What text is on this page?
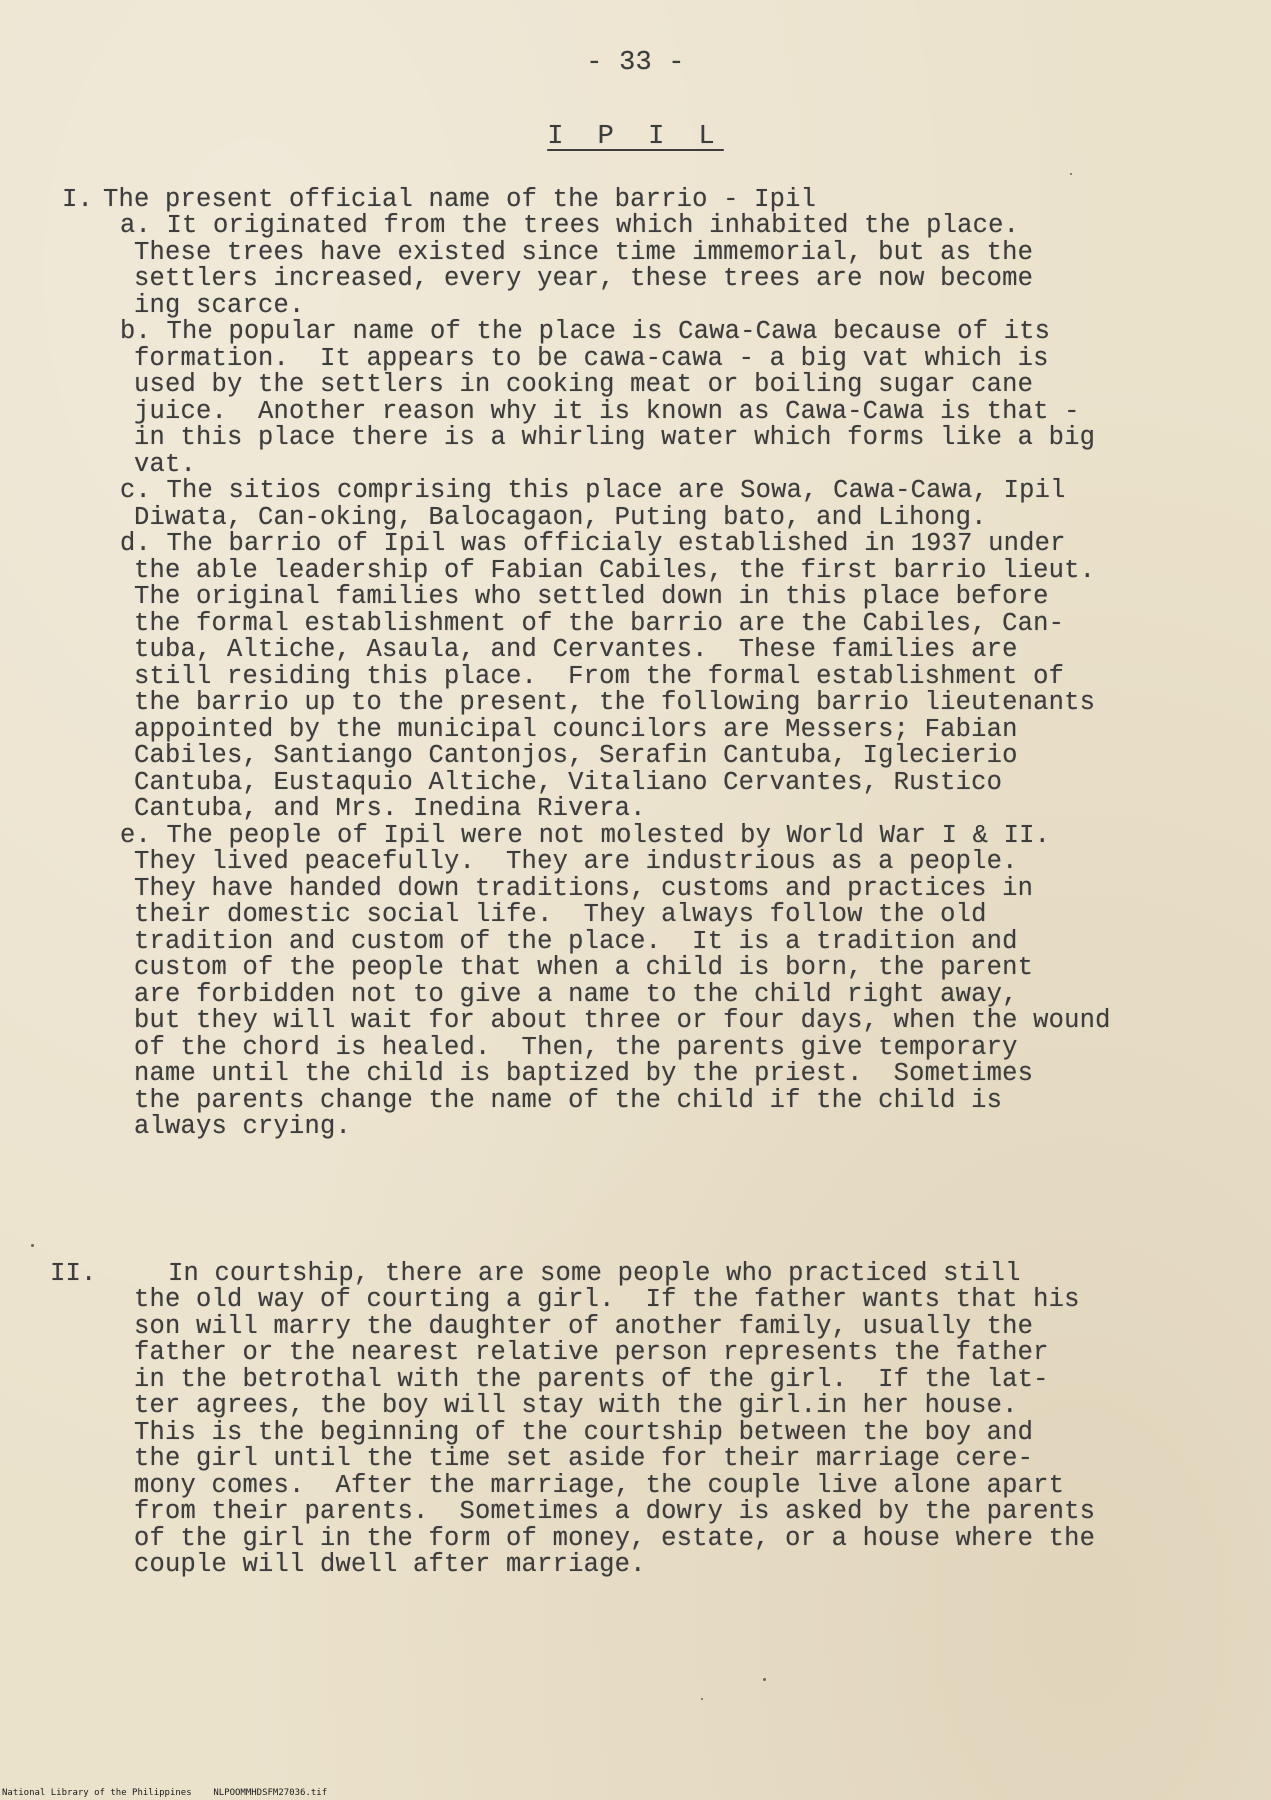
- 33 -
I P I L
I. The present official name of the barrio - Ipil
a. It originated from the trees which inhabited the place.
These trees have existed since time immemorial, but as the
settlers increased, every year, these trees are now become
ing scarce.
b. The popular name of the place is Cawa-Cawa because of its
formation.  It appears to be cawa-cawa - a big vat which is
used by the settlers in cooking meat or boiling sugar cane
juice.  Another reason why it is known as Cawa-Cawa is that -
in this place there is a whirling water which forms like a big
vat.
c. The sitios comprising this place are Sowa, Cawa-Cawa, Ipil
Diwata, Can-oking, Balocagaon, Puting bato, and Lihong.
d. The barrio of Ipil was officialy established in 1937 under
the able leadership of Fabian Cabiles, the first barrio lieut.
The original families who settled down in this place before
the formal establishment of the barrio are the Cabiles, Can-
tuba, Altiche, Asaula, and Cervantes.  These families are
still residing this place.  From the formal establishment of
the barrio up to the present, the following barrio lieutenants
appointed by the municipal councilors are Messers; Fabian
Cabiles, Santiango Cantonjos, Serafin Cantuba, Iglecierio
Cantuba, Eustaquio Altiche, Vitaliano Cervantes, Rustico
Cantuba, and Mrs. Inedina Rivera.
e. The people of Ipil were not molested by World War I & II.
They lived peacefully.  They are industrious as a people.
They have handed down traditions, customs and practices in
their domestic social life.  They always follow the old
tradition and custom of the place.  It is a tradition and
custom of the people that when a child is born, the parent
are forbidden not to give a name to the child right away,
but they will wait for about three or four days, when the wound
of the chord is healed.  Then, the parents give temporary
name until the child is baptized by the priest.  Sometimes
the parents change the name of the child if the child is
always crying.
II.	In courtship, there are some people who practiced still
the old way of courting a girl.  If the father wants that his
son will marry the daughter of another family, usually the
father or the nearest relative person represents the father
in the betrothal with the parents of the girl.  If the lat-
ter agrees, the boy will stay with the girl.in her house.
This is the beginning of the courtship between the boy and
the girl until the time set aside for their marriage cere-
mony comes.  After the marriage, the couple live alone apart
from their parents.  Sometimes a dowry is asked by the parents
of the girl in the form of money, estate, or a house where the
couple will dwell after marriage.
National Library of the Philippines    NLPOOMMHDSFM27036.tif
